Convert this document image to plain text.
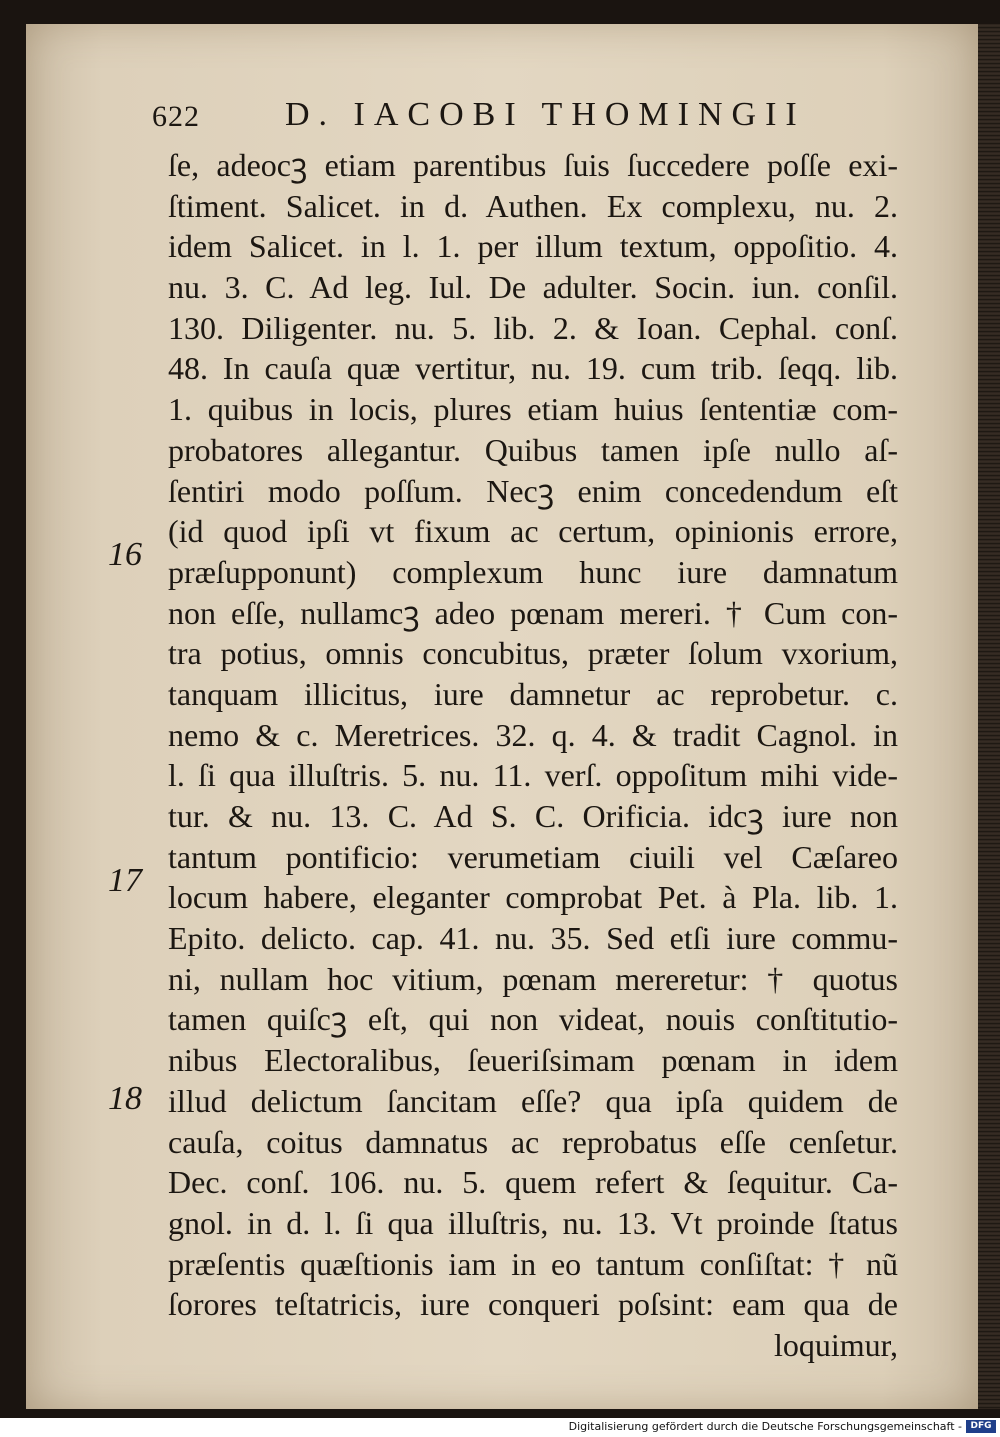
622	D. IACOBI THOMINGII
ſe, adeocꝫ etiam parentibus ſuis ſuccedere poſſe exi-
ſtiment. Salicet. in d. Authen. Ex complexu, nu. 2.
idem Salicet. in l. 1. per illum textum, oppoſitio. 4.
nu. 3. C. Ad leg. Iul. De adulter. Socin. iun. conſil.
130. Diligenter. nu. 5. lib. 2. & Ioan. Cephal. conſ.
48. In cauſa quæ vertitur, nu. 19. cum trib. ſeqq. lib.
1. quibus in locis, plures etiam huius ſententiæ com-
probatores allegantur. Quibus tamen ipſe nullo aſ-
ſentiri modo poſſum. Necꝫ enim concedendum eſt
(id quod ipſi vt fixum ac certum, opinionis errore,
præſupponunt) complexum hunc iure damnatum
non eſſe, nullamcꝫ adeo pœnam mereri. † Cum con-
tra potius, omnis concubitus, præter ſolum vxorium,
tanquam illicitus, iure damnetur ac reprobetur. c.
nemo & c. Meretrices. 32. q. 4. & tradit Cagnol. in
l. ſi qua illuſtris. 5. nu. 11. verſ. oppoſitum mihi vide-
tur. & nu. 13. C. Ad S. C. Orificia. idcꝫ iure non
tantum pontificio: verumetiam ciuili vel Cæſareo
locum habere, eleganter comprobat Pet. à Pla. lib. 1.
Epito. delicto. cap. 41. nu. 35. Sed etſi iure commu-
ni, nullam hoc vitium, pœnam mereretur: † quotus
tamen quiſcꝫ eſt, qui non videat, nouis conſtitutio-
nibus Electoralibus, ſeueriſsimam pœnam in idem
illud delictum ſancitam eſſe? qua ipſa quidem de
cauſa, coitus damnatus ac reprobatus eſſe cenſetur.
Dec. conſ. 106. nu. 5. quem refert & ſequitur. Ca-
gnol. in d. l. ſi qua illuſtris, nu. 13. Vt proinde ſtatus
præſentis quæſtionis iam in eo tantum conſiſtat: † nũ
ſorores teſtatricis, iure conqueri poſsint: eam qua de
loquimur,
16
17
18
Digitalisierung gefördert durch die Deutsche Forschungsgemeinschaft - DFG
